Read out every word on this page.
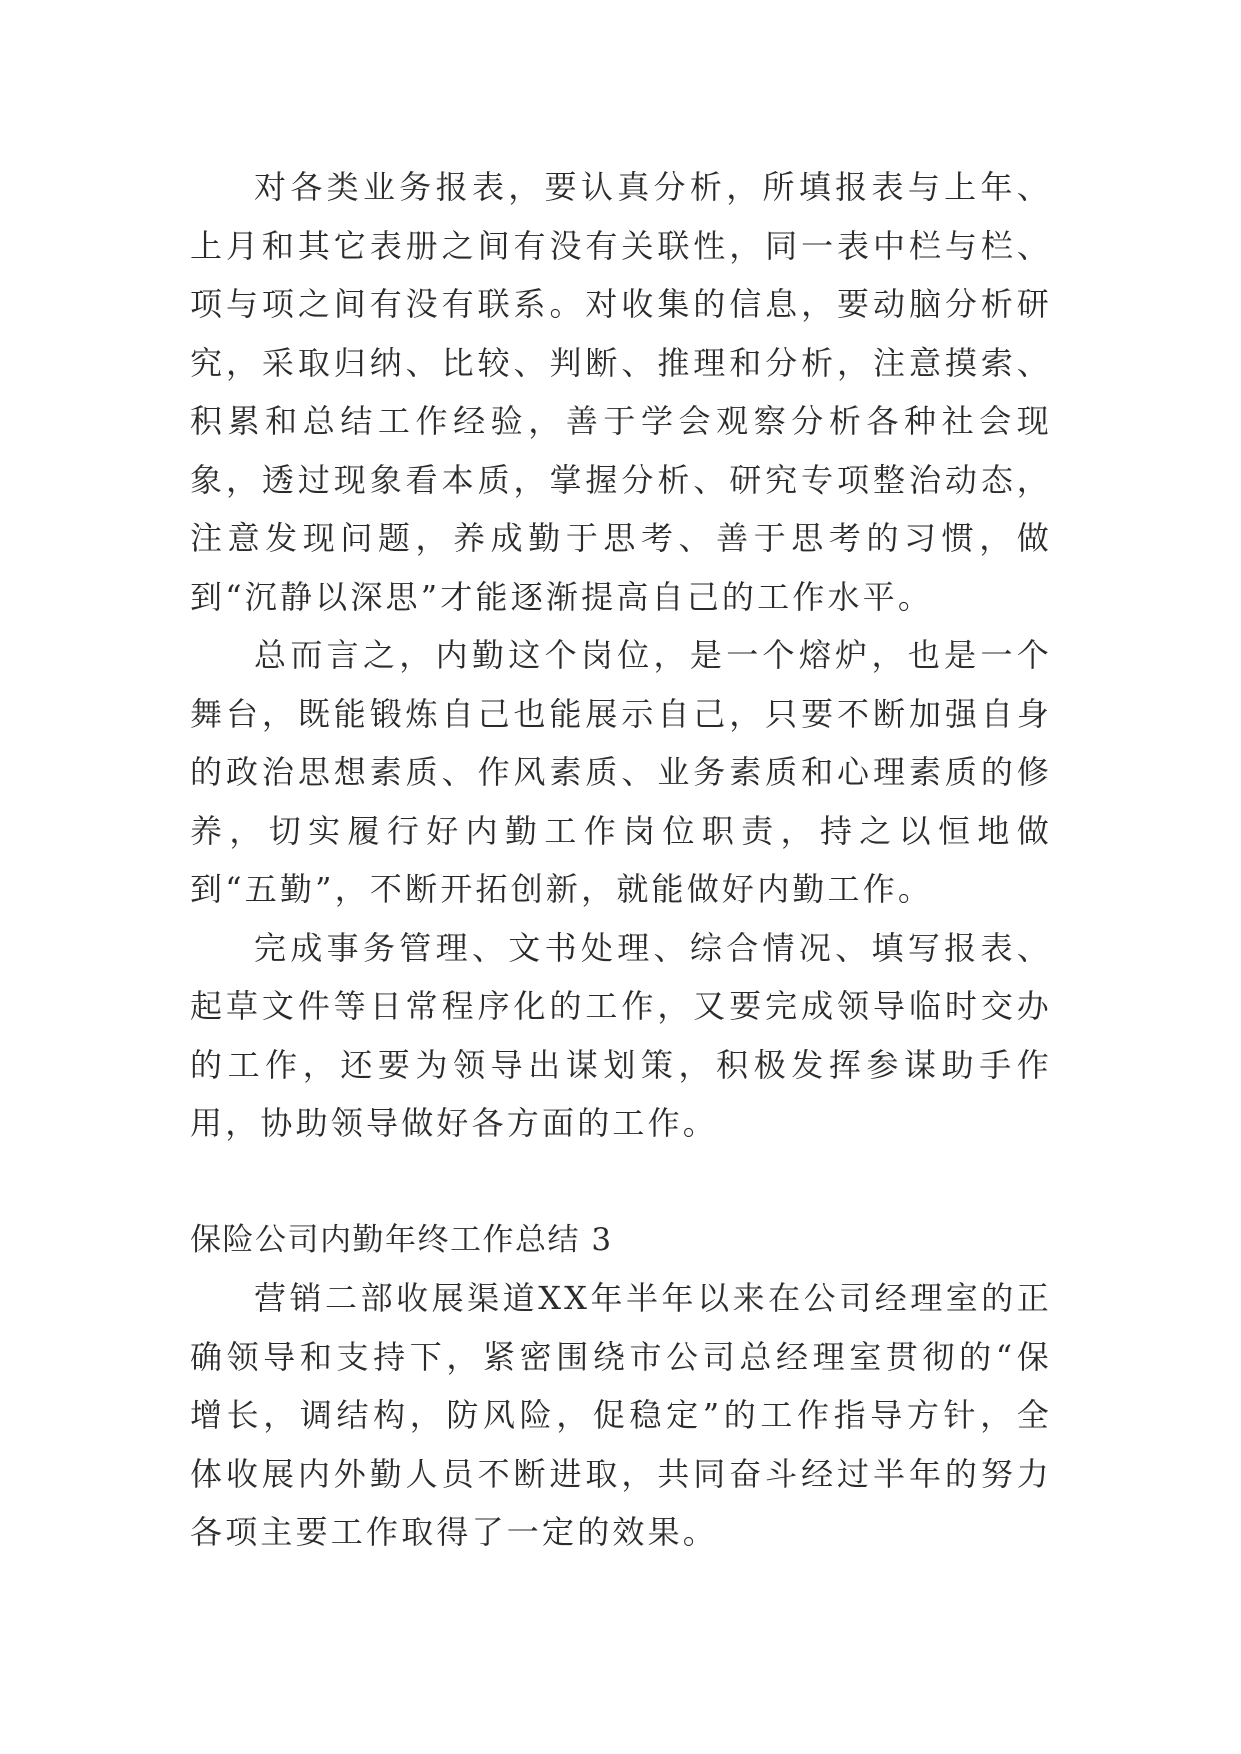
对各类业务报表，要认真分析，所填报表与上年、上月和其它表册之间有没有关联性，同一表中栏与栏、项与项之间有没有联系。对收集的信息，要动脑分析研究，采取归纳、比较、判断、推理和分析，注意摸索、积累和总结工作经验，善于学会观察分析各种社会现象，透过现象看本质，掌握分析、研究专项整治动态，注意发现问题，养成勤于思考、善于思考的习惯，做到“沉静以深思”才能逐渐提高自己的工作水平。

总而言之，内勤这个岗位，是一个熔炉，也是一个舞台，既能锻炼自己也能展示自己，只要不断加强自身的政治思想素质、作风素质、业务素质和心理素质的修养，切实履行好内勤工作岗位职责，持之以恒地做到“五勤”，不断开拓创新，就能做好内勤工作。

完成事务管理、文书处理、综合情况、填写报表、起草文件等日常程序化的工作，又要完成领导临时交办的工作，还要为领导出谋划策，积极发挥参谋助手作用，协助领导做好各方面的工作。

保险公司内勤年终工作总结 3

营销二部收展渠道XX年半年以来在公司经理室的正确领导和支持下，紧密围绕市公司总经理室贯彻的“保增长，调结构，防风险，促稳定”的工作指导方针，全体收展内外勤人员不断进取，共同奋斗经过半年的努力各项主要工作取得了一定的效果。
